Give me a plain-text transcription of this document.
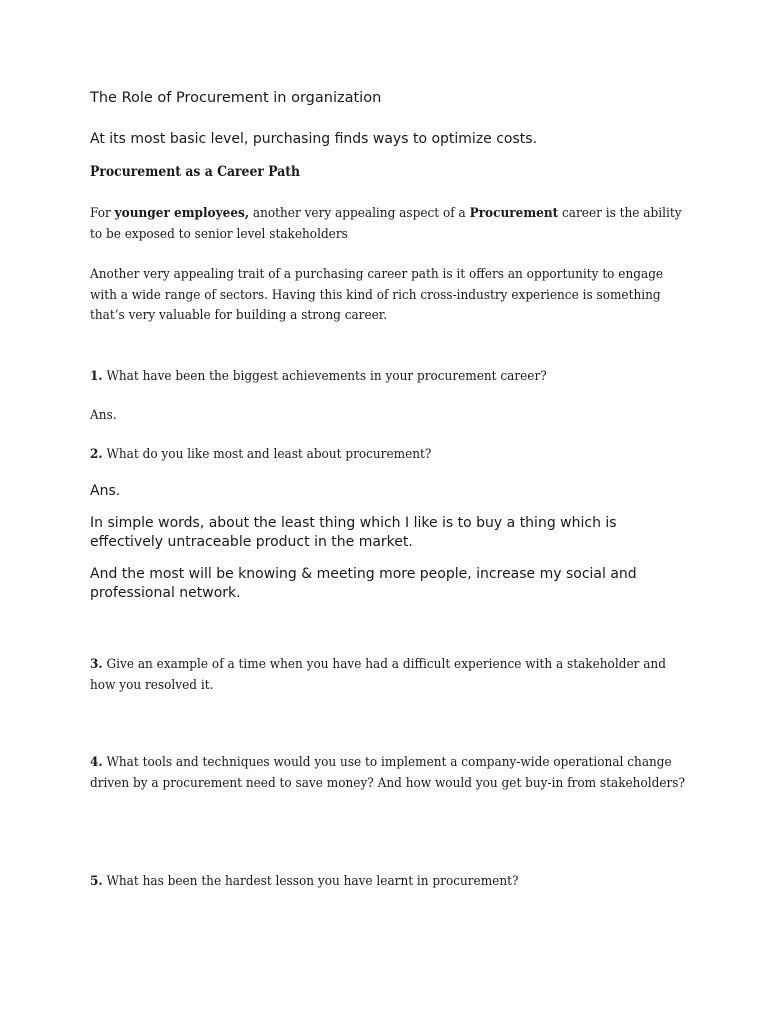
The Role of Procurement in organization
At its most basic level, purchasing finds ways to optimize costs.
Procurement as a Career Path
For younger employees, another very appealing aspect of a Procurement career is the ability to be exposed to senior level stakeholders
Another very appealing trait of a purchasing career path is it offers an opportunity to engage with a wide range of sectors. Having this kind of rich cross-industry experience is something that’s very valuable for building a strong career.
1. What have been the biggest achievements in your procurement career?
Ans.
2. What do you like most and least about procurement?
Ans.
In simple words, about the least thing which I like is to buy a thing which is effectively untraceable product in the market.
And the most will be knowing & meeting more people, increase my social and professional network.
3. Give an example of a time when you have had a difficult experience with a stakeholder and how you resolved it.
4. What tools and techniques would you use to implement a company-wide operational change driven by a procurement need to save money? And how would you get buy-in from stakeholders?
5. What has been the hardest lesson you have learnt in procurement?
